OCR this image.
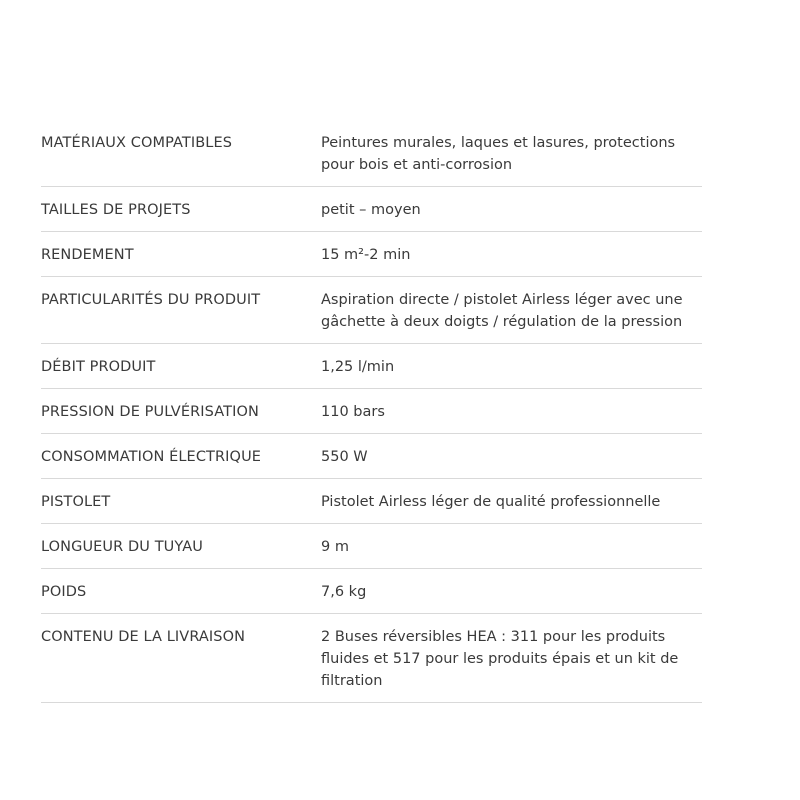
MATÉRIAUX COMPATIBLES	Peintures murales, laques et lasures, protections pour bois et anti-corrosion
TAILLES DE PROJETS	petit – moyen
RENDEMENT	15 m²-2 min
PARTICULARITÉS DU PRODUIT	Aspiration directe / pistolet Airless léger avec une gâchette à deux doigts / régulation de la pression
DÉBIT PRODUIT	1,25 l/min
PRESSION DE PULVÉRISATION	110 bars
CONSOMMATION ÉLECTRIQUE	550 W
PISTOLET	Pistolet Airless léger de qualité professionnelle
LONGUEUR DU TUYAU	9 m
POIDS	7,6 kg
CONTENU DE LA LIVRAISON	2 Buses réversibles HEA : 311 pour les produits fluides et 517 pour les produits épais et un kit de filtration
